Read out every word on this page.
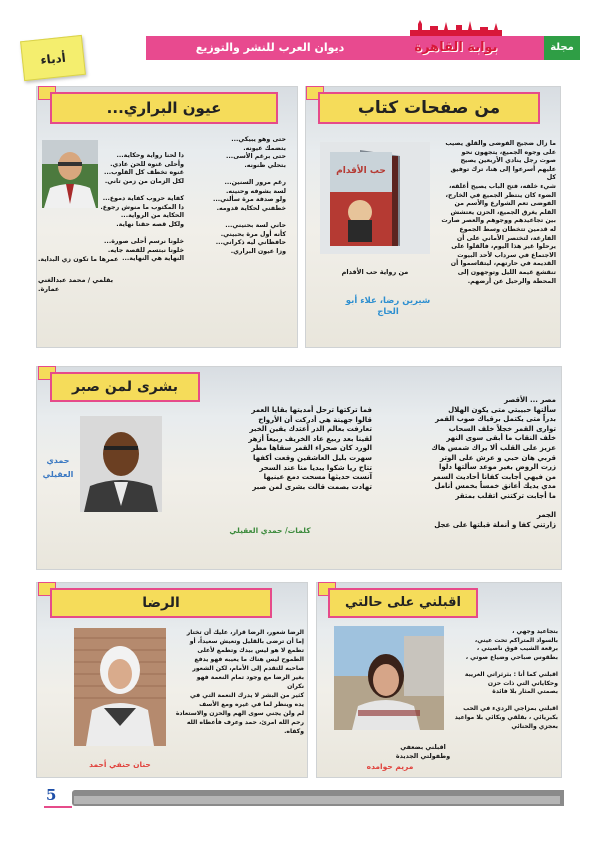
أدباء
ديوان العرب للنشر والتوزيع	بوابة القاهرة	مجلة
من صفحات كتاب
ما زال ضجيج الفوضى والقلق يصيب
على وجوه الجميع، يتجهون نحو
صوت رجل ينادي الأربعين يصيح
عليهم أسرعوا إلى هنا، ترك توفيق كل
شيء خلفه، فتح الباب يصيح أغلقه،
الضوء كان ينتظر الجميع في الخارج،
الفوضى تعم الشوارع والأسم من
القلم يغرق الجميع، الحزن يعتشش
بين تجاعيدهم ووجوهم والعصر صارت
له قدمين تتخطان وسط الجموع
الفارغة، لتختصر الأماني على أن
يرحلوا غير هذا اليوم، فالقلوا على
الاجتماع في سرداب لأحد البيوت
القديمة في حارتهم، ليتقاسموا أن
تنقشع غيمة الليل وتوجهون إلى
المحطة والرحيل عن أرضهم.
حب الأقدام
من رواية حب الأقدام
شيرين رضا، علاء أبو الحاج
عيون البراري...
حتى وهو يبيكي...
بتضمك عيونه.
حتى برغم الأسى...
بتحلي ظنونه.

رغم مرور السنين...
لسة بشوفه وحنينه.
ولو صدفة مرة سألني...
خطفني لحكاية قدومه.

حاني لسة بحنيني...
كأنه أول مرة بحبيني.
حافظاني ليه ذكراني...
وزا عيون البراري.
دا لحنا رواية وحكاية...
وأحلى غنوه للحن عادي.
غنوه تخطف كل القلوب...
لكل الزمان من زمن تاني.

كفاية حروب كفاية دموع...
دا المكتوب ما منوش رجوع.
الحكاية من الرواية...
ولكل قصه حقنا نهاية.

خلونا نرسم أحلى صورة...
خلونا نبتسم للقصة جايه.
النهاية هي النهاية...
عمرها ما تكون زي البداية.
بقلمي / محمد عبدالغني عمارة.
بشرى لمن صبر
مصر ... الأقصر
سألتها حبيبتي متى يكون الهلال
بدراً متى يكتمل برقياك صوب القمر
توارى القمر خجلاً خلف السحاب
خلف النقاب ما أبقى سوى النهر
عزيز على القلب ألا يراك شمس هاك
قربي هان حبي و عرش على الوتر
زرت الروض بغير موعد سألتها دلوا
من فيهي أجابت كفانا أحاديث السمر
مدي يديك أعانق خمساً بخمس أنامل
ما أجابت تركتني اتقلب بمتقر

الجمر
زارتني كفا و أنملة قبلتها على عجل
فما تركتها ترحل أمديتها بقايا العمر
قالوا جهينة هي أدركت أن الأرواح
تعارفت بعالم الذر أعتدك يقين الخبر
لقينا بعد ربيع عاد الخريف ربيعاً أزهر
الورد كان صحراء القمر سقاها مطر
سهرت بليل العاشقين وقعت أكفها
تتاح ريا شكوا يبديا منا عند السحر
آنست حديثها مسحت دمع عينيها
تهادت بصمت قالت بشرى لمن صبر
حمدي العقيلي
كلمات/ حمدي العقيلي
اقبلني على حالتي
بتجاعيد وجهي ،
بالسواد المتراكم تحت عيني،
برقعة الشيب فوق ناصيتي ،
بطقوس صباحي وضياع صوتي ،

اقبلني كما أنا : بثرثراتي الغريبة
وحكاياتي التي ذات حزن
بصمتي المثار بلا فائدة

اقبلني بمزاجي الرديء في الحب
بكبريائي ، بقلقي وبكائي بلا مواعيد
بعجزي والحنائي
اقبلني بضعفي
وطفولتي الجديدة
مريم حوامده
الرضا
الرضا شعور، الرضا قرار، عليك أن تختار
إما أن ترضى بالقليل وتعيش سعيداً، أو
تطمع لا هو ليس بيدك وتطمع لأعلى
الطموح ليس هناك ما يعيبه فهو يدفع
صاحبه للتقدم إلى الأمام، لكن الشعور
بغير الرضا مع وجود تمام النعمة فهو
نكران
كثير من البشر لا يدرك النعمة التي في
يده وينظر لما في غيره ومع الأسف
لم ولن يجني سوى الهم والحزن والاستعادة
رحم الله امرئ، حمد وعرف فأعطاه الله
وكفاه.
حنان حنفي أحمد
5
